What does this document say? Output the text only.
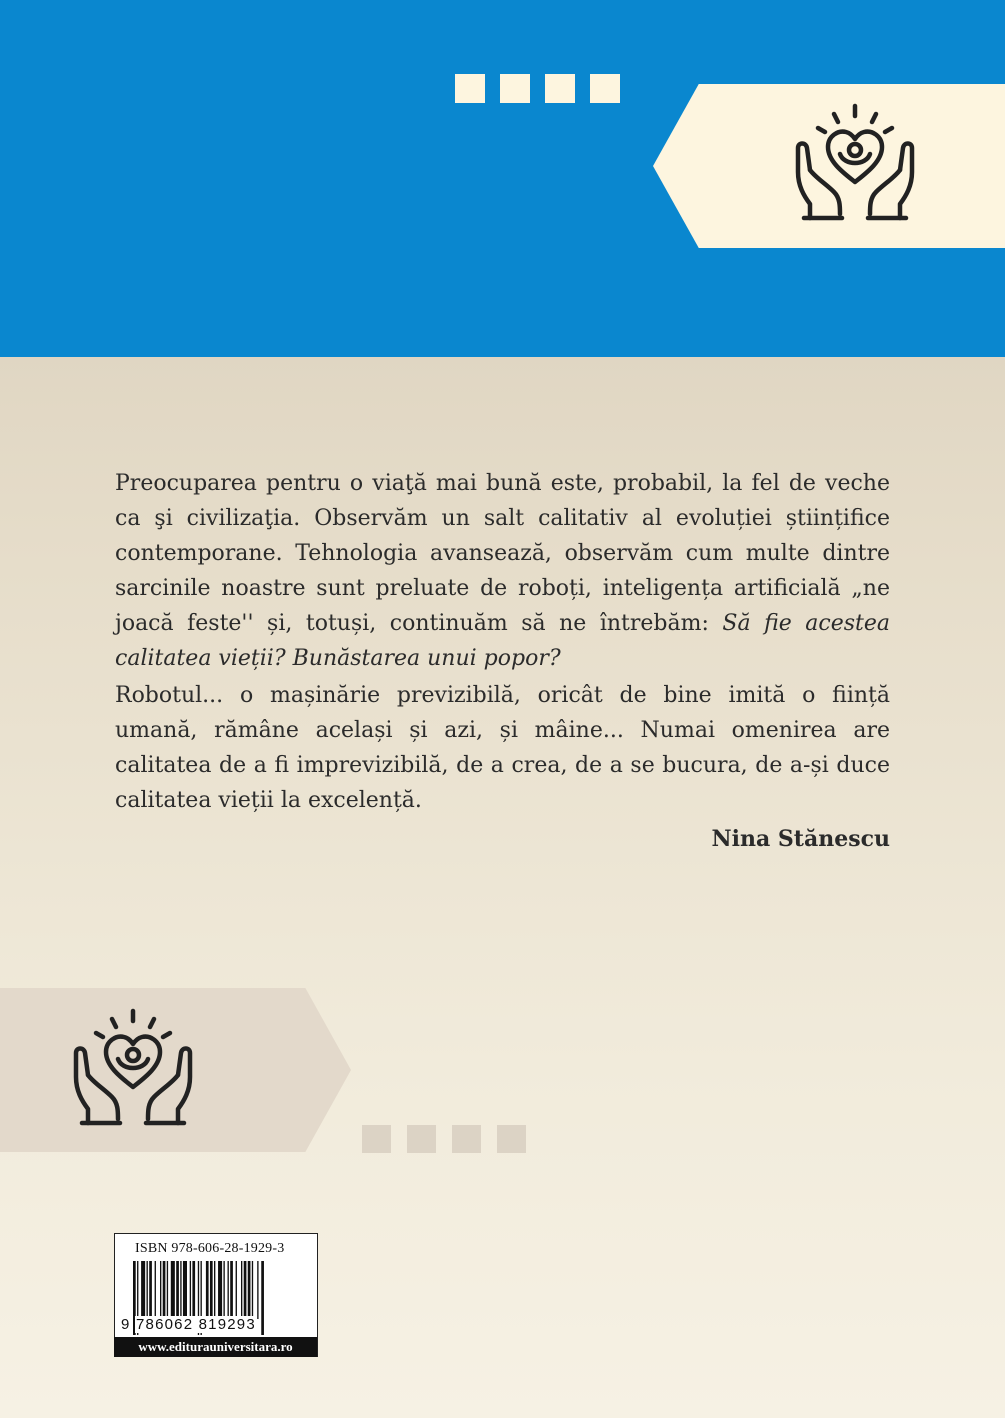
Preocuparea pentru o viaţă mai bună este, probabil, la fel de veche ca şi civilizaţia. Observăm un salt calitativ al evoluției științifice contemporane. Tehnologia avansează, observăm cum multe dintre sarcinile noastre sunt preluate de roboți, inteligența artificială „ne joacă feste'' și, totuși, continuăm să ne întrebăm: Să fie acestea calitatea vieții? Bunăstarea unui popor?

Robotul... o mașinărie previzibilă, oricât de bine imită o ființă umană, rămâne același și azi, și mâine... Numai omenirea are calitatea de a fi imprevizibilă, de a crea, de a se bucura, de a-și duce calitatea vieții la excelență.

Nina Stănescu
ISBN 978-606-28-1929-3
9 786062 819293
www.editurauniversitara.ro
